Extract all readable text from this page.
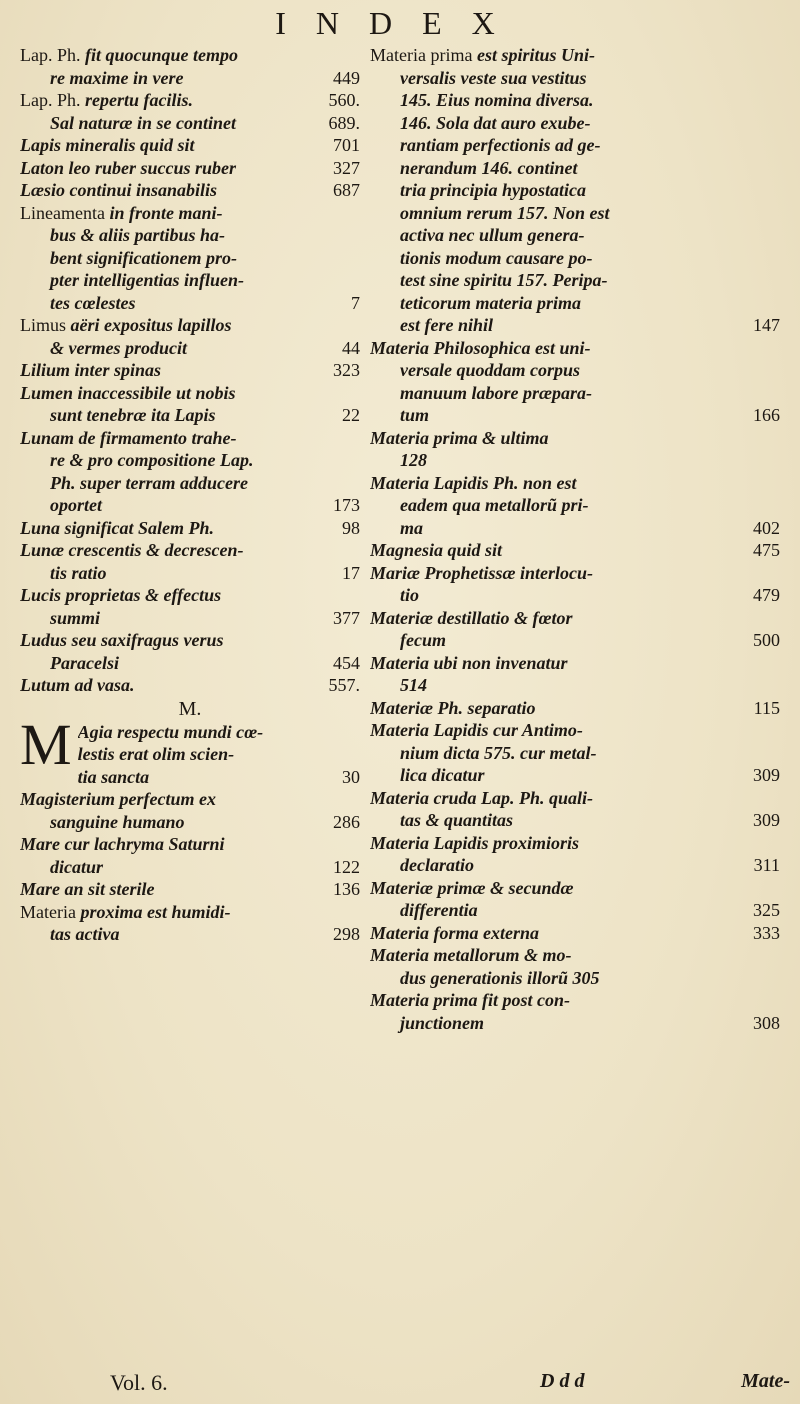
INDEX
Lap. Ph. fit quocunque tempo
re maxime in vere	449
Lap. Ph. repertu facilis.	560.
Sal naturæ in se continet	689.
Lapis mineralis quid sit	701
Laton leo ruber succus ruber	327
Læsio continui insanabilis	687
Lineamenta in fronte mani-
bus & aliis partibus ha-
bent significationem pro-
pter intelligentias influen-
tes cœlestes	7
Limus aëri expositus lapillos
& vermes producit	44
Lilium inter spinas	323
Lumen inaccessibile ut nobis
sunt tenebræ ita Lapis	22
Lunam de firmamento trahe-
re & pro compositione Lap.
Ph. super terram adducere
oportet	173
Luna significat Salem Ph.	98
Lunæ crescentis & decrescen-
tis ratio	17
Lucis proprietas & effectus
summi	377
Ludus seu saxifragus verus
Paracelsi	454
Lutum ad vasa.	557.
M.
M Agia respectu mundi cœ-
lestis erat olim scien-
tia sancta	30
Magisterium perfectum ex
sanguine humano	286
Mare cur lachryma Saturni
dicatur	122
Mare an sit sterile	136
Materia proxima est humidi-
tas activa	298
Materia prima est spiritus Uni-
versalis veste sua vestitus
145. Eius nomina diversa.
146. Sola dat auro exube-
rantiam perfectionis ad ge-
nerandum 146. continet
tria principia hypostatica
omnium rerum 157. Non est
activa nec ullum genera-
tionis modum causare po-
test sine spiritu 157. Peripa-
teticorum materia prima
est fere nihil	147
Materia Philosophica est uni-
versale quoddam corpus
manuum labore præpara-
tum	166
Materia prima & ultima
128
Materia Lapidis Ph. non est
eadem qua metallorũ pri-
ma	402
Magnesia quid sit	475
Mariæ Prophetissæ interlocu-
tio	479
Materiæ destillatio & fœtor
fecum	500
Materia ubi non invenatur
514
Materiæ Ph. separatio	115
Materia Lapidis cur Antimo-
nium dicta 575. cur metal-
lica dicatur	309
Materia cruda Lap. Ph. quali-
tas & quantitas	309
Materia Lapidis proximioris
declaratio	311
Materiæ primæ & secundæ
differentia	325
Materia forma externa	333
Materia metallorum & mo-
dus generationis illorũ 305
Materia prima fit post con-
junctionem	308
Vol. 6.	D d d	Mate-
